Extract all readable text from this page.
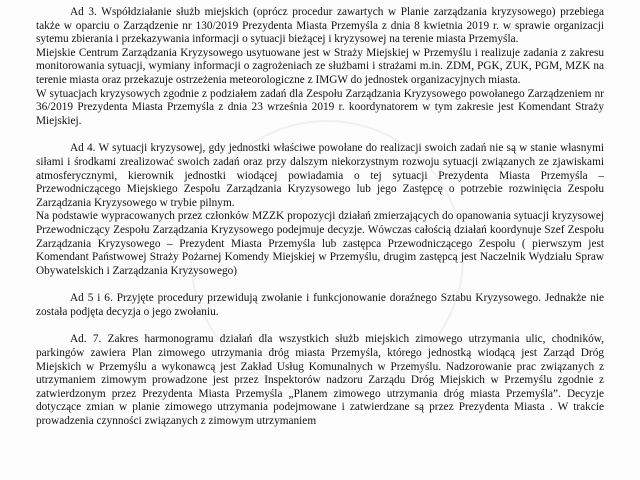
Ad 3. Współdziałanie służb miejskich (oprócz procedur zawartych w Planie zarządzania kryzysowego) przebiega także w oparciu o Zarządzenie nr 130/2019 Prezydenta Miasta Przemyśla z dnia 8 kwietnia 2019 r. w sprawie organizacji sytemu zbierania i przekazywania informacji o sytuacji bieżącej i kryzysowej na terenie miasta Przemyśla.

Miejskie Centrum Zarządzania Kryzysowego usytuowane jest w Straży Miejskiej w Przemyślu i realizuje zadania z zakresu monitorowania sytuacji, wymiany informacji o zagrożeniach ze służbami i strażami m.in. ZDM, PGK, ZUK, PGM, MZK na terenie miasta oraz przekazuje ostrzeżenia meteorologiczne z IMGW do jednostek organizacyjnych miasta.

W sytuacjach kryzysowych zgodnie z podziałem zadań dla Zespołu Zarządzania Kryzysowego powołanego Zarządzeniem nr 36/2019 Prezydenta Miasta Przemyśla z dnia 23 września 2019 r. koordynatorem w tym zakresie jest Komendant Straży Miejskiej.

Ad 4. W sytuacji kryzysowej, gdy jednostki właściwe powołane do realizacji swoich zadań nie są w stanie własnymi siłami i środkami zrealizować swoich zadań oraz przy dalszym niekorzystnym rozwoju sytuacji związanych ze zjawiskami atmosferycznymi, kierownik jednostki wiodącej powiadamia o tej sytuacji Prezydenta Miasta Przemyśla – Przewodniczącego Miejskiego Zespołu Zarządzania Kryzysowego lub jego Zastępcę o potrzebie rozwinięcia Zespołu Zarządzania Kryzysowego w trybie pilnym.

Na podstawie wypracowanych przez członków MZZK propozycji działań zmierzających do opanowania sytuacji kryzysowej Przewodniczący Zespołu Zarządzania Kryzysowego podejmuje decyzje. Wówczas całością działań koordynuje Szef Zespołu Zarządzania Kryzysowego – Prezydent Miasta Przemyśla lub zastępca Przewodniczącego Zespołu ( pierwszym jest Komendant Państwowej Straży Pożarnej Komendy Miejskiej w Przemyślu, drugim zastępcą jest Naczelnik Wydziału Spraw Obywatelskich i Zarządzania Kryzysowego)

Ad 5 i 6. Przyjęte procedury przewidują zwołanie i funkcjonowanie doraźnego Sztabu Kryzysowego. Jednakże nie została podjęta decyzja o jego zwołaniu.

Ad. 7. Zakres harmonogramu działań dla wszystkich służb miejskich zimowego utrzymania ulic, chodników, parkingów zawiera Plan zimowego utrzymania dróg miasta Przemyśla, którego jednostką wiodącą jest Zarząd Dróg Miejskich w Przemyślu a wykonawcą jest Zakład Usług Komunalnych w Przemyślu. Nadzorowanie prac związanych z utrzymaniem zimowym prowadzone jest przez Inspektorów nadzoru Zarządu Dróg Miejskich w Przemyślu zgodnie z zatwierdzonym przez Prezydenta Miasta Przemyśla „Planem zimowego utrzymania dróg miasta Przemyśla”. Decyzje dotyczące zmian w planie zimowego utrzymania podejmowane i zatwierdzane są przez Prezydenta Miasta . W trakcie prowadzenia czynności związanych z zimowym utrzymaniem
